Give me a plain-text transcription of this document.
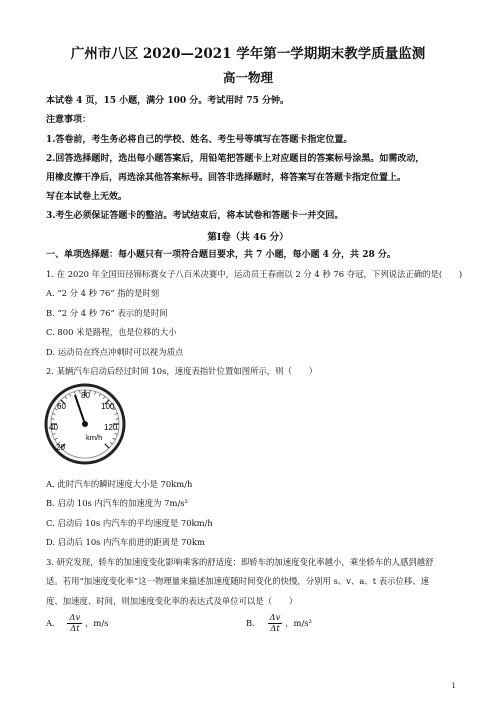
广州市八区 2020—2021 学年第一学期期末教学质量监测
高一物理
本试卷 4 页，15 小题，满分 100 分。考试用时 75 分钟。
注意事项：
1.答卷前，考生务必将自己的学校、姓名、考生号等填写在答题卡指定位置。
2.回答选择题时，选出每小题答案后，用铅笔把答题卡上对应题目的答案标号涂黑。如需改动，
用橡皮擦干净后，再选涂其他答案标号。回答非选择题时，将答案写在答题卡指定位置上。
写在本试卷上无效。
3.考生必须保证答题卡的整洁。考试结束后，将本试卷和答题卡一并交回。
第Ⅰ卷（共 46 分）
一、单项选择题：每小题只有一项符合题目要求，共 7 小题，每小题 4 分，共 28 分。
1. 在 2020 年全国田径锦标赛女子八百米决赛中，运动员王春雨以 2 分 4 秒 76 夺冠，下列说法正确的是(　　)
A. “2 分 4 秒 76” 指的是时刻
B. “2 分 4 秒 76” 表示的是时间
C. 800 米是路程，也是位移的大小
D. 运动员在终点冲刺时可以视为质点
2. 某辆汽车启动后经过时间 10s，速度表指针位置如图所示，则（　　）
20
40
60
80
100
120
km/h
A. 此时汽车的瞬时速度大小是 70km/h
B. 启动 10s 内汽车的加速度为 7m/s²
C. 启动后 10s 内汽车的平均速度是 70km/h
D. 启动后 10s 内汽车前进的距离是 70km
3. 研究发现，轿车的加速度变化影响乘客的舒适度：即轿车的加速度变化率越小，乘坐轿车的人感到越舒
适。若用“加速度变化率”这一物理量来描述加速度随时间变化的快慢，分别用 s、v、a、t 表示位移、速
度、加速度、时间，则加速度变化率的表达式及单位可以是（　　）
A. $\frac{\Delta v}{\Delta t}$ ，m/s	B. $\frac{\Delta v}{\Delta t}$ ，m/s²
1
